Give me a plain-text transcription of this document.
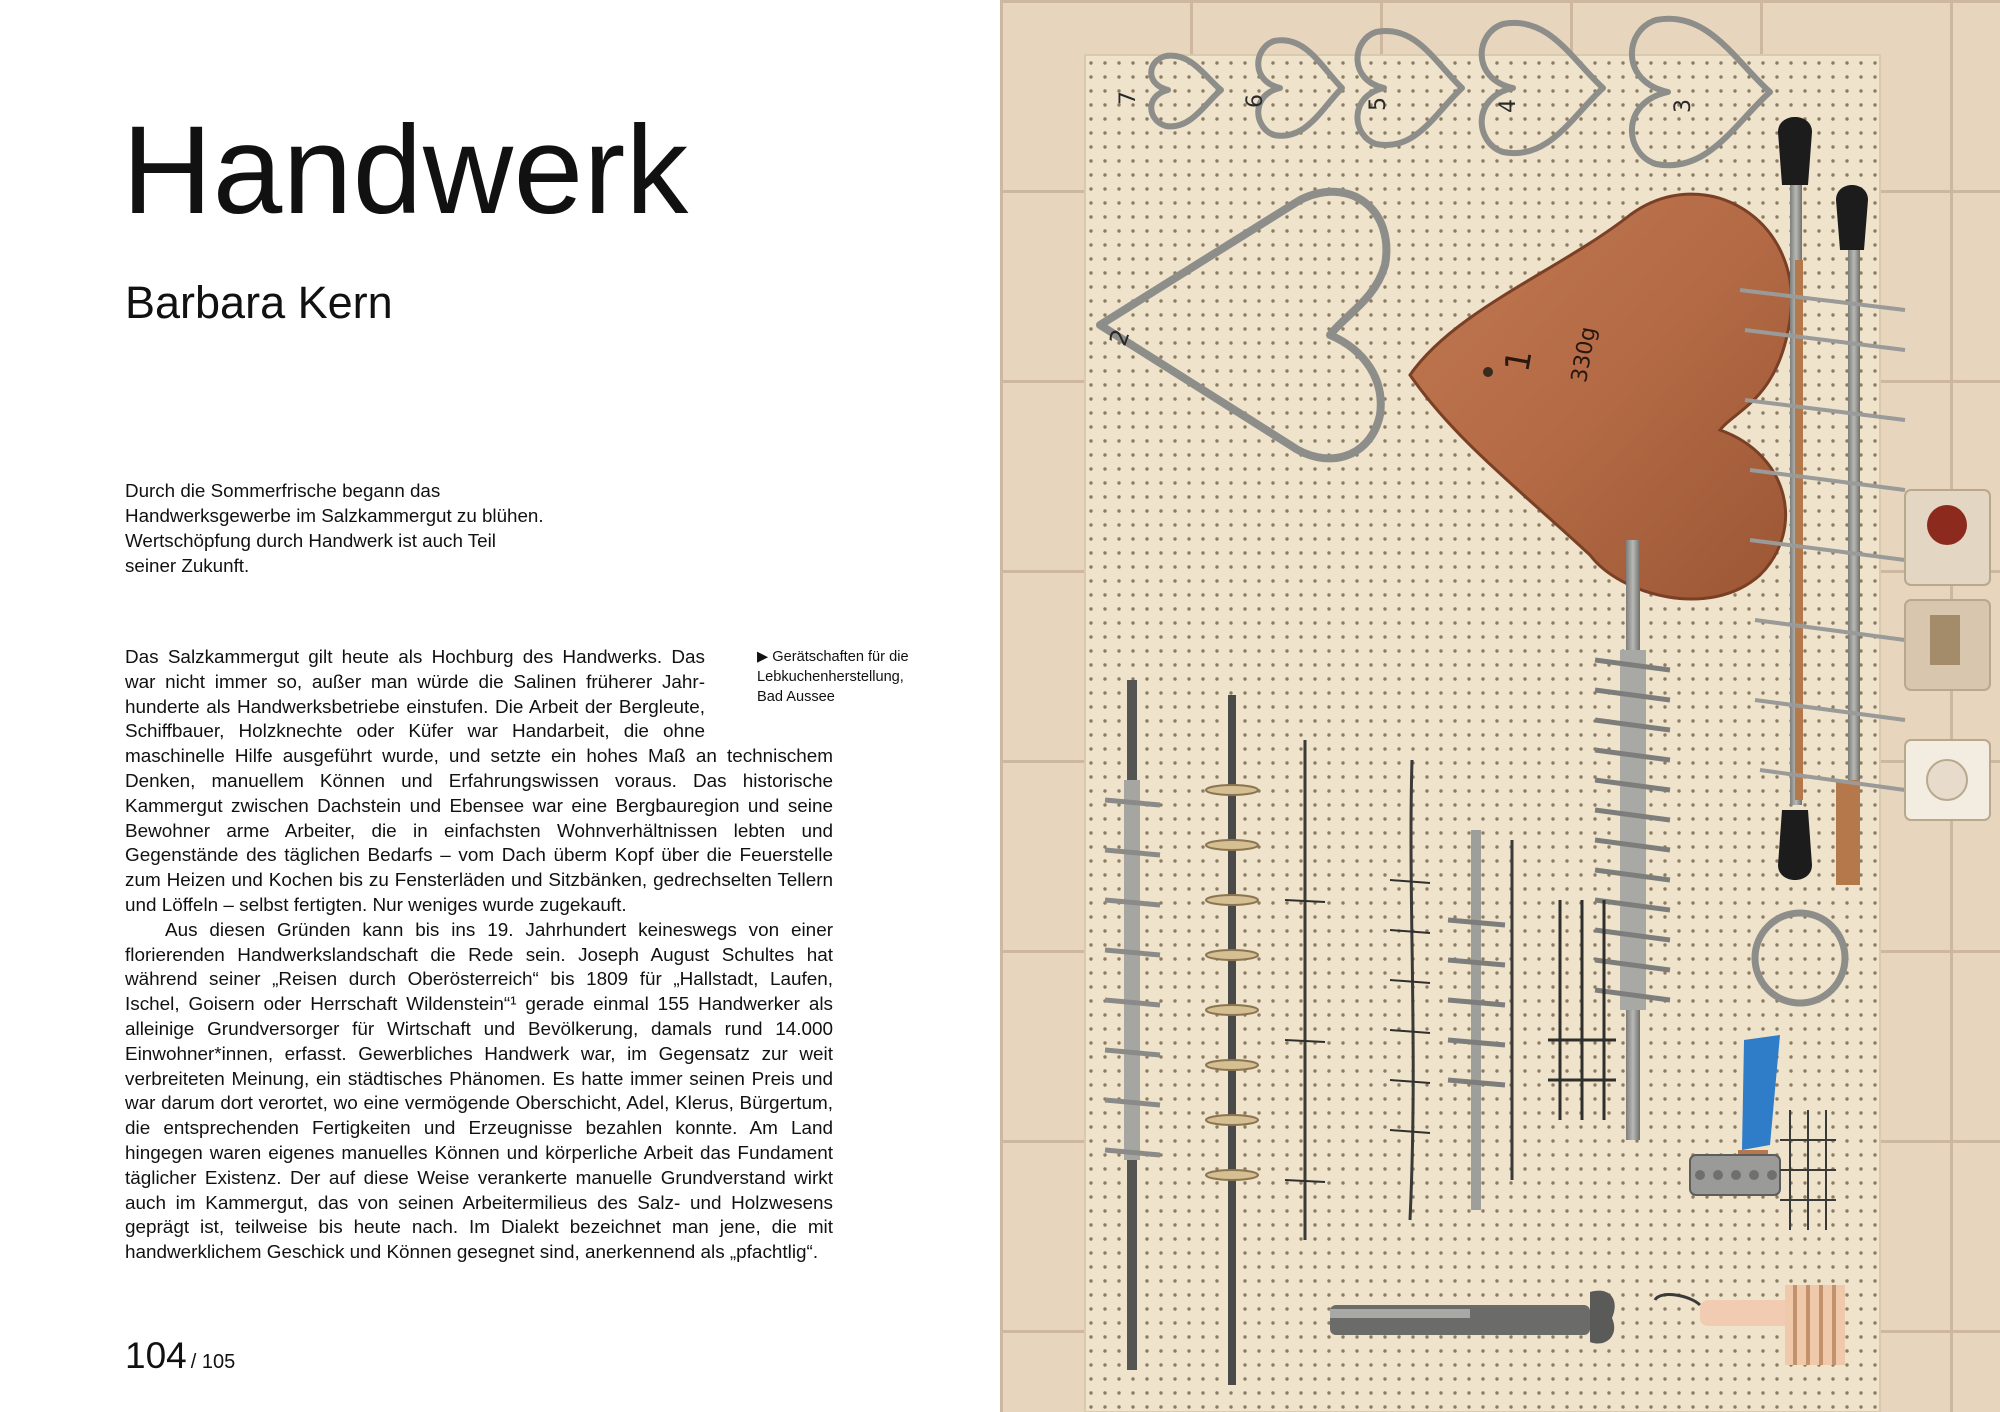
Handwerk
Barbara Kern

Durch die Sommerfrische begann das Handwerksgewerbe im Salzkammergut zu blühen. Wertschöpfung durch Handwerk ist auch Teil seiner Zukunft.

▶ Gerätschaften für die Lebkuchenherstellung, Bad Aussee

Das Salzkammergut gilt heute als Hochburg des Handwerks. Das war nicht immer so, außer man würde die Salinen früherer Jahrhunderte als Handwerksbetriebe einstufen. Die Arbeit der Bergleute, Schiffbauer, Holzknechte oder Küfer war Handarbeit, die ohne maschinelle Hilfe ausgeführt wurde, und setzte ein hohes Maß an technischem Denken, manuellem Können und Erfahrungswissen voraus. Das historische Kammergut zwischen Dachstein und Ebensee war eine Bergbauregion und seine Bewohner arme Arbeiter, die in einfachsten Wohnverhältnissen lebten und Gegenstände des täglichen Bedarfs – vom Dach überm Kopf über die Feuerstelle zum Heizen und Kochen bis zu Fensterläden und Sitzbänken, gedrechselten Tellern und Löffeln – selbst fertigten. Nur weniges wurde zugekauft.

Aus diesen Gründen kann bis ins 19. Jahrhundert keineswegs von einer florierenden Handwerkslandschaft die Rede sein. Joseph August Schultes hat während seiner „Reisen durch Oberösterreich“ bis 1809 für „Hallstadt, Laufen, Ischel, Goisern oder Herrschaft Wildenstein“¹ gerade einmal 155 Handwerker als alleinige Grundversorger für Wirtschaft und Bevölkerung, damals rund 14.000 Einwohner*innen, erfasst. Gewerbliches Handwerk war, im Gegensatz zur weit verbreiteten Meinung, ein städtisches Phänomen. Es hatte immer seinen Preis und war darum dort verortet, wo eine vermögende Oberschicht, Adel, Klerus, Bürgertum, die entsprechenden Fertigkeiten und Erzeugnisse bezahlen konnte. Am Land hingegen waren eigenes manuelles Können und körperliche Arbeit das Fundament täglicher Existenz. Der auf diese Weise verankerte manuelle Grundverstand wirkt auch im Kammergut, das von seinen Arbeitermilieus des Salz- und Holzwesens geprägt ist, teilweise bis heute nach. Im Dialekt bezeichnet man jene, die mit handwerklichem Geschick und Können gesegnet sind, anerkennend als „pfachtlig“.

104 / 105
7	6	5	4	3
2
1 330g
